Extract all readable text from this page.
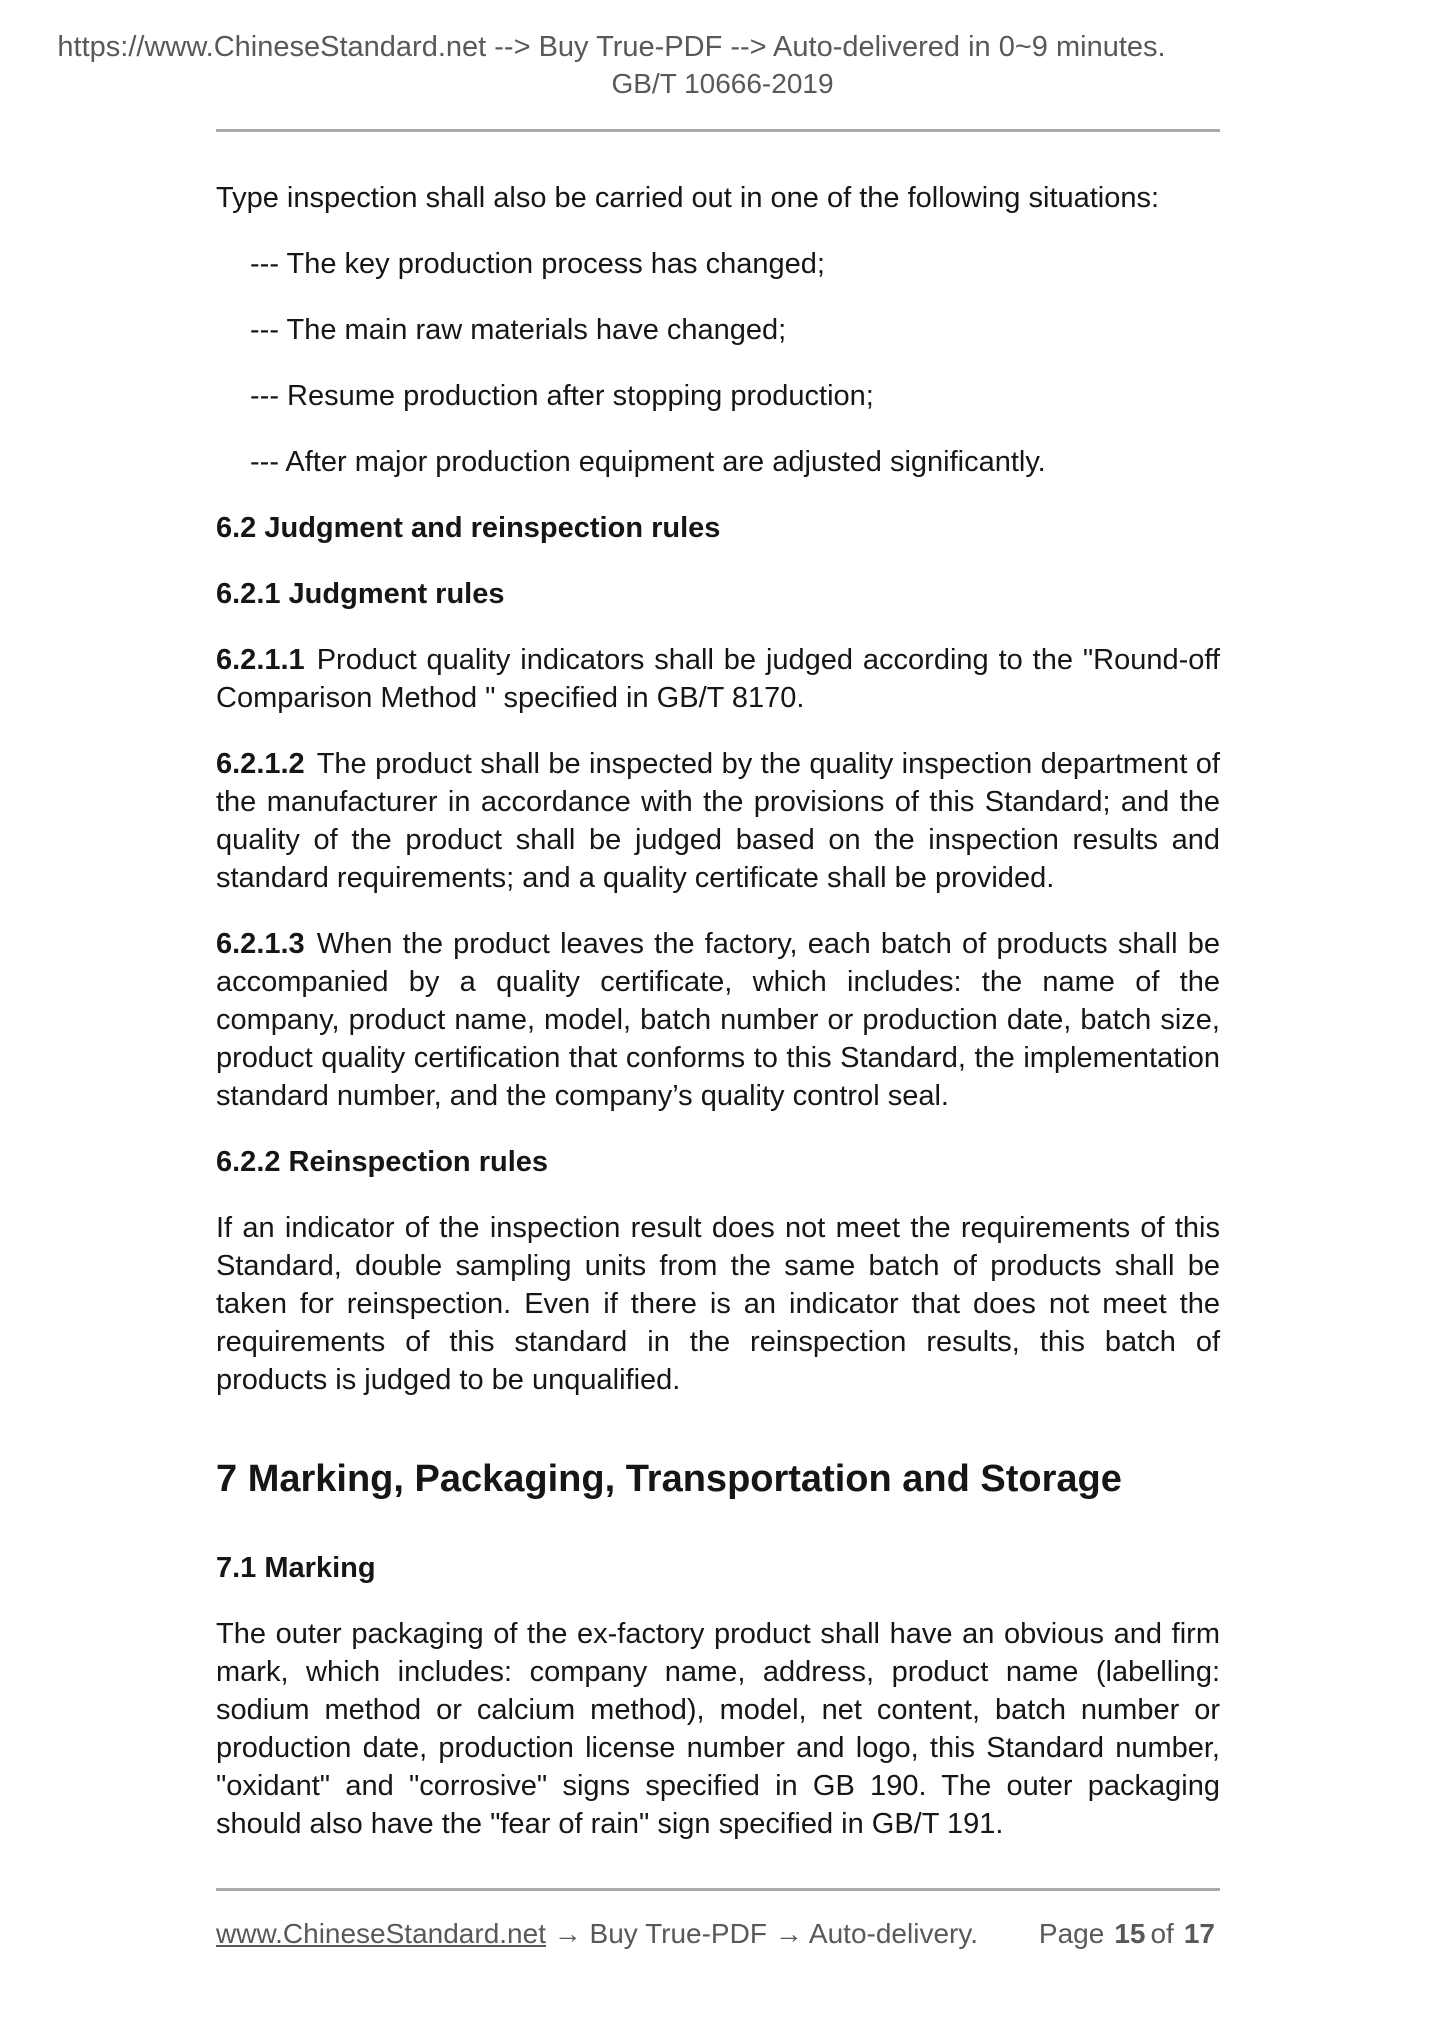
https://www.ChineseStandard.net --> Buy True-PDF --> Auto-delivered in 0~9 minutes.
GB/T 10666-2019

Type inspection shall also be carried out in one of the following situations:

--- The key production process has changed;

--- The main raw materials have changed;

--- Resume production after stopping production;

--- After major production equipment are adjusted significantly.

6.2 Judgment and reinspection rules

6.2.1 Judgment rules

6.2.1.1 Product quality indicators shall be judged according to the "Round-off Comparison Method " specified in GB/T 8170.

6.2.1.2 The product shall be inspected by the quality inspection department of the manufacturer in accordance with the provisions of this Standard; and the quality of the product shall be judged based on the inspection results and standard requirements; and a quality certificate shall be provided.

6.2.1.3 When the product leaves the factory, each batch of products shall be accompanied by a quality certificate, which includes: the name of the company, product name, model, batch number or production date, batch size, product quality certification that conforms to this Standard, the implementation standard number, and the company’s quality control seal.

6.2.2 Reinspection rules

If an indicator of the inspection result does not meet the requirements of this Standard, double sampling units from the same batch of products shall be taken for reinspection. Even if there is an indicator that does not meet the requirements of this standard in the reinspection results, this batch of products is judged to be unqualified.

7 Marking, Packaging, Transportation and Storage

7.1 Marking

The outer packaging of the ex-factory product shall have an obvious and firm mark, which includes: company name, address, product name (labelling: sodium method or calcium method), model, net content, batch number or production date, production license number and logo, this Standard number, "oxidant" and "corrosive" signs specified in GB 190. The outer packaging should also have the "fear of rain" sign specified in GB/T 191.

www.ChineseStandard.net → Buy True-PDF → Auto-delivery. Page 15 of 17
